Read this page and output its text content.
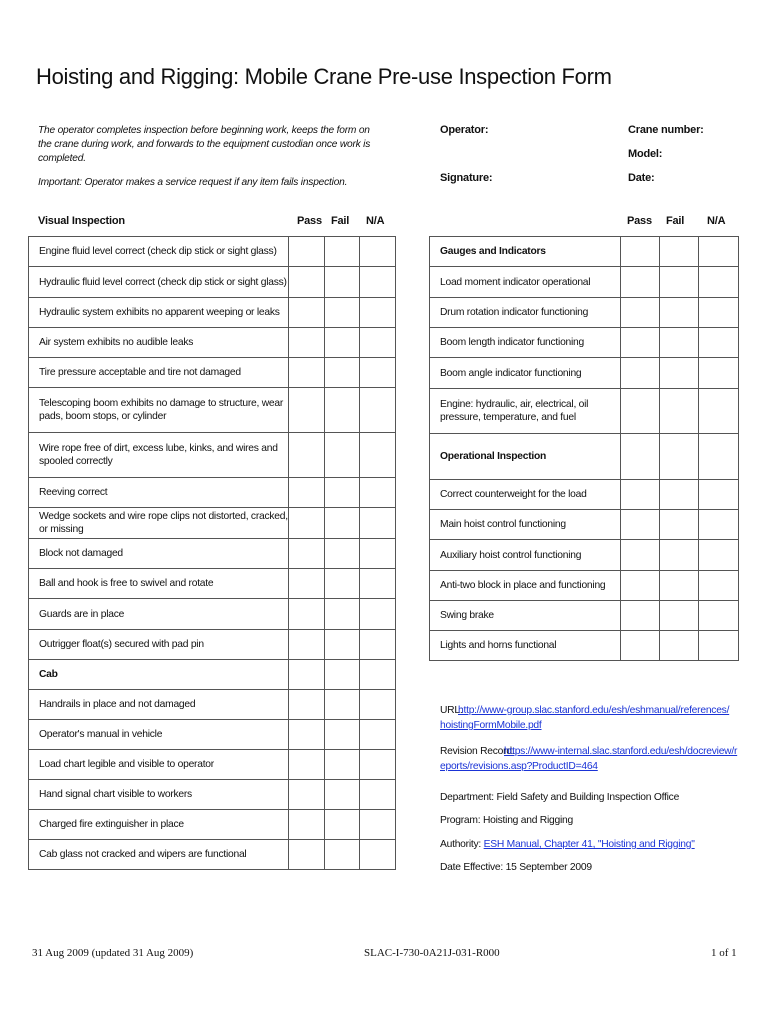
Hoisting and Rigging: Mobile Crane Pre-use Inspection Form

The operator completes inspection before beginning work, keeps the form on the crane during work, and forwards to the equipment custodian once work is completed.

Important: Operator makes a service request if any item fails inspection.

Operator:
Signature:
Crane number:
Model:
Date:
Visual Inspection	Pass Fail N/A	Pass Fail N/A
Engine fluid level correct (check dip stick or sight glass)			
Hydraulic fluid level correct (check dip stick or sight glass)			
Hydraulic system exhibits no apparent weeping or leaks			
Air system exhibits no audible leaks			
Tire pressure acceptable and tire not damaged			
Telescoping boom exhibits no damage to structure, wear pads, boom stops, or cylinder			
Wire rope free of dirt, excess lube, kinks, and wires and spooled correctly			
Reeving correct			
Wedge sockets and wire rope clips not distorted, cracked, or missing			
Block not damaged			
Ball and hook is free to swivel and rotate			
Guards are in place			
Outrigger float(s) secured with pad pin			
Cab			
Handrails in place and not damaged			
Operator's manual in vehicle			
Load chart legible and visible to operator			
Hand signal chart visible to workers			
Charged fire extinguisher in place			
Cab glass not cracked and wipers are functional			
Gauges and Indicators			
Load moment indicator operational			
Drum rotation indicator functioning			
Boom length indicator functioning			
Boom angle indicator functioning			
Engine: hydraulic, air, electrical, oil pressure, temperature, and fuel			
Operational Inspection			
Correct counterweight for the load			
Main hoist control functioning			
Auxiliary hoist control functioning			
Anti-two block in place and functioning			
Swing brake			
Lights and horns functional			
URL:
http://www-group.slac.stanford.edu/esh/eshmanual/references/hoistingFormMobile.pdf
Revision Record:
https://www-internal.slac.stanford.edu/esh/docreview/reports/revisions.asp?ProductID=464
Department: Field Safety and Building Inspection Office
Program: Hoisting and Rigging
Authority: ESH Manual, Chapter 41, "Hoisting and Rigging"
Date Effective: 15 September 2009
31 Aug 2009 (updated 31 Aug 2009)	SLAC-I-730-0A21J-031-R000	1 of 1
